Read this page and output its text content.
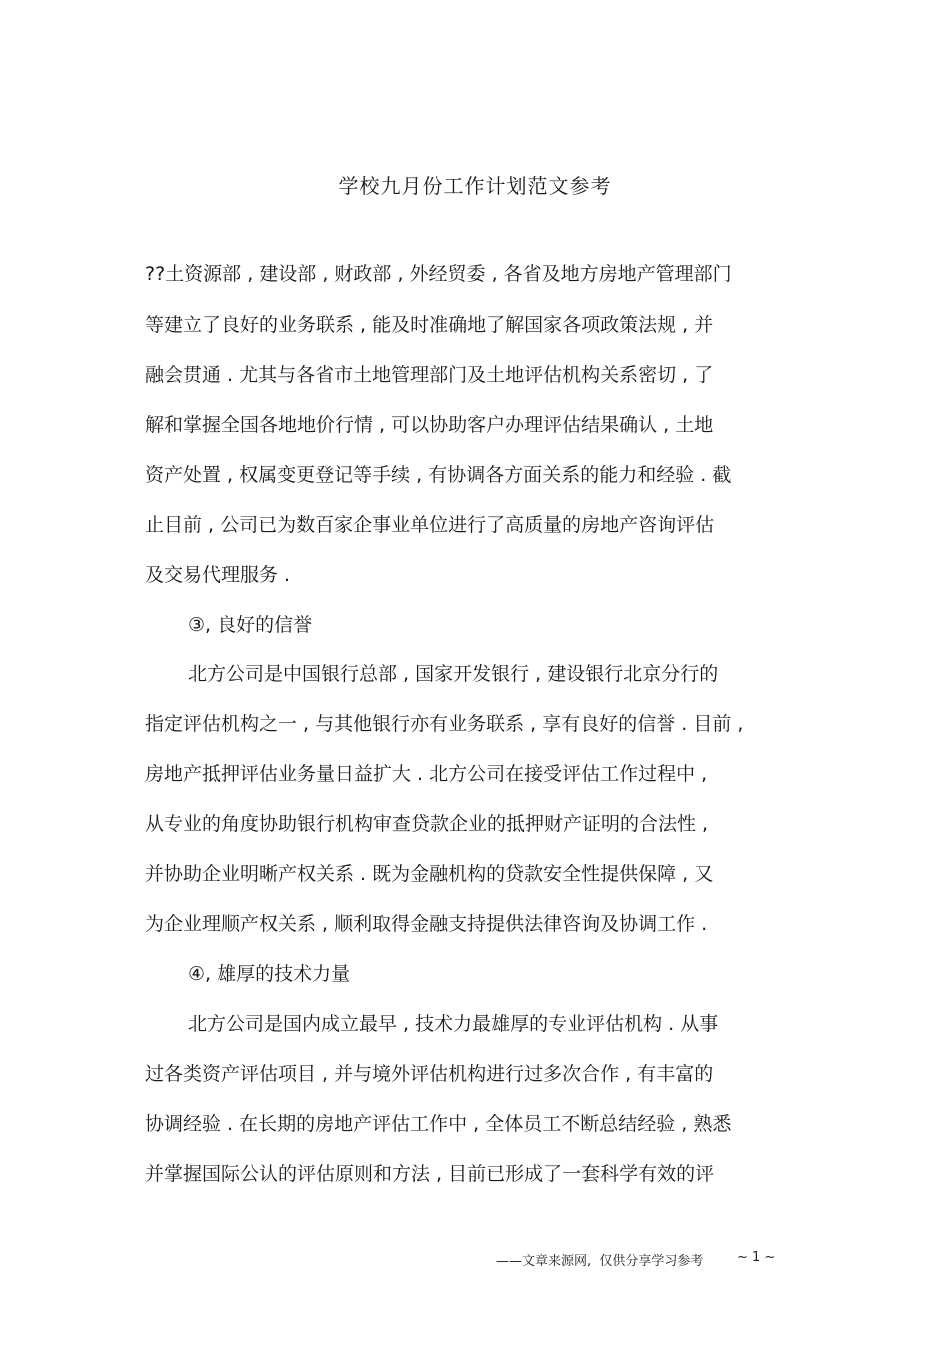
学校九月份工作计划范文参考
??土资源部 , 建设部 , 财政部 , 外经贸委 , 各省及地方房地产管理部门
等建立了良好的业务联系 , 能及时准确地了解国家各项政策法规 , 并
融会贯通 . 尤其与各省市土地管理部门及土地评估机构关系密切 , 了
解和掌握全国各地地价行情 , 可以协助客户办理评估结果确认 , 土地
资产处置 , 权属变更登记等手续 , 有协调各方面关系的能力和经验 . 截
止目前 , 公司已为数百家企事业单位进行了高质量的房地产咨询评估
及交易代理服务 .
③, 良好的信誉
北方公司是中国银行总部 , 国家开发银行 , 建设银行北京分行的
指定评估机构之一 , 与其他银行亦有业务联系 , 享有良好的信誉 . 目前 ,
房地产抵押评估业务量日益扩大 . 北方公司在接受评估工作过程中 ,
从专业的角度协助银行机构审查贷款企业的抵押财产证明的合法性 ,
并协助企业明晰产权关系 . 既为金融机构的贷款安全性提供保障 , 又
为企业理顺产权关系 , 顺利取得金融支持提供法律咨询及协调工作 .
④, 雄厚的技术力量
北方公司是国内成立最早 , 技术力最雄厚的专业评估机构 . 从事
过各类资产评估项目 , 并与境外评估机构进行过多次合作 , 有丰富的
协调经验 . 在长期的房地产评估工作中 , 全体员工不断总结经验 , 熟悉
并掌握国际公认的评估原则和方法 , 目前已形成了一套科学有效的评
——文章来源网,  仅供分享学习参考	~ 1 ~
